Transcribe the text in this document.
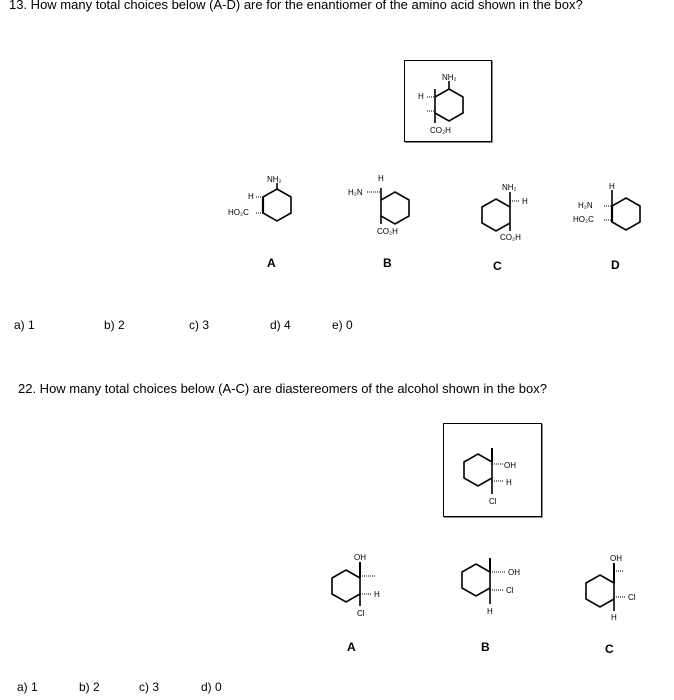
13. How many total choices below (A-D) are for the enantiomer of the amino acid shown in the box?
NH₂
H
CO₂H
NH₂
H
HO₂C
A
H
H₂N
CO₂H
B
NH₂
H
CO₂H
C
H
H₂N
HO₂C
D
a) 1	b) 2	c) 3	d) 4	e) 0
22. How many total choices below (A-C) are diastereomers of the alcohol shown in the box?
OH
H
Cl
OH
H
Cl
A
OH
Cl
H
B
OH
Cl
H
C
a) 1	b) 2	c) 3	d) 0
